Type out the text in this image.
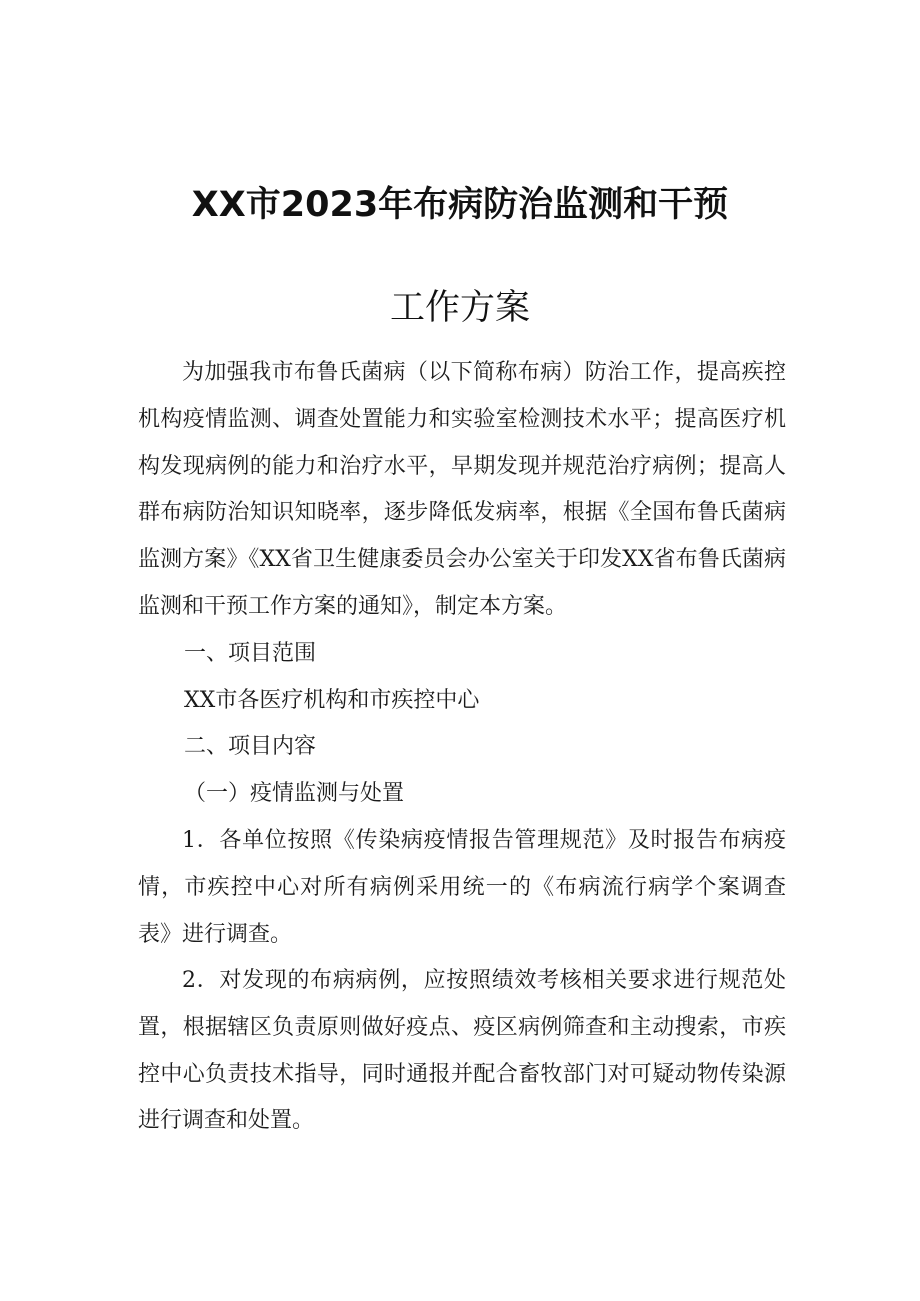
XX市2023年布病防治监测和干预
工作方案

为加强我市布鲁氏菌病（以下简称布病）防治工作，提高疾控机构疫情监测、调查处置能力和实验室检测技术水平；提高医疗机构发现病例的能力和治疗水平，早期发现并规范治疗病例；提高人群布病防治知识知晓率，逐步降低发病率，根据《全国布鲁氏菌病监测方案》《XX省卫生健康委员会办公室关于印发XX省布鲁氏菌病监测和干预工作方案的通知》，制定本方案。

一、项目范围
XX市各医疗机构和市疾控中心
二、项目内容
（一）疫情监测与处置

1．各单位按照《传染病疫情报告管理规范》及时报告布病疫情，市疾控中心对所有病例采用统一的《布病流行病学个案调查表》进行调查。

2．对发现的布病病例，应按照绩效考核相关要求进行规范处置，根据辖区负责原则做好疫点、疫区病例筛查和主动搜索，市疾控中心负责技术指导，同时通报并配合畜牧部门对可疑动物传染源进行调查和处置。
